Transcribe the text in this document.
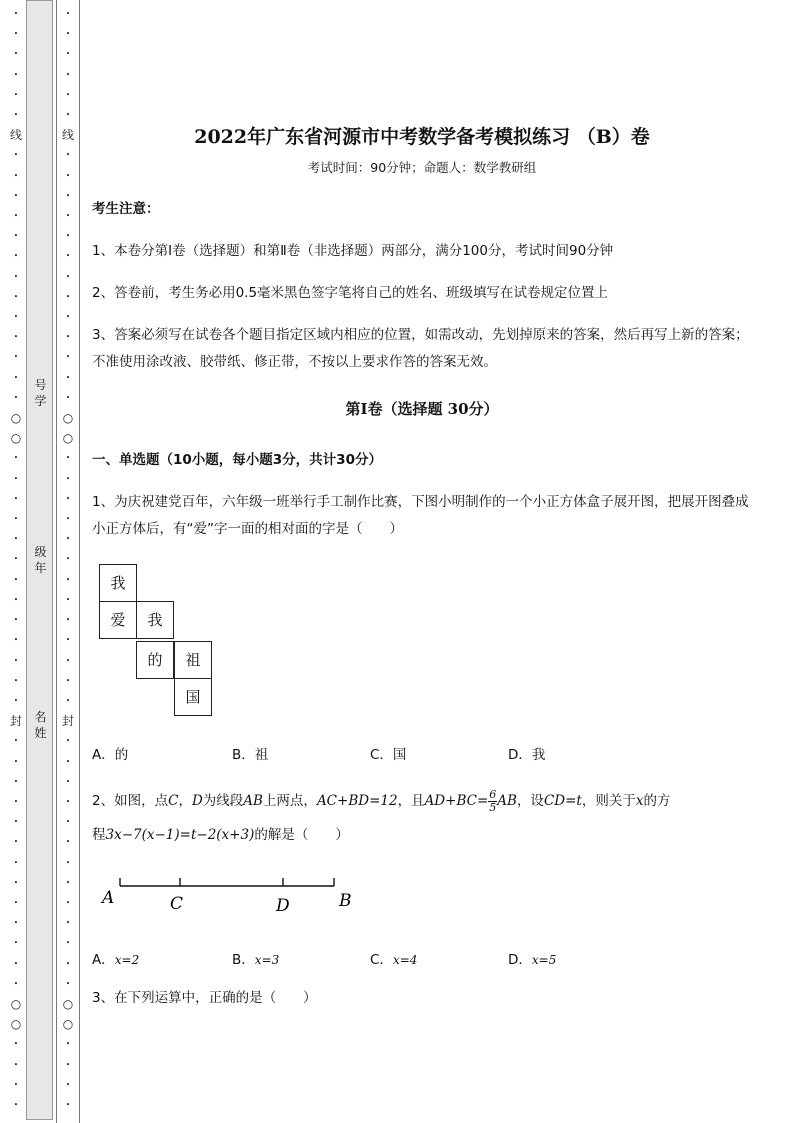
•
•
•
•
•
•
线
•
•
•
•
•
•
•
•
•
•
•
•
•
○
○
•
•
•
•
•
•
•
•
•
•
•
•
•
封
•
•
•
•
•
•
•
•
•
•
•
•
•
○
○
•
•
•
•
号
学
级
年
名
姓
•
•
•
•
•
•
线
•
•
•
•
•
•
•
•
•
•
•
•
•
○
○
•
•
•
•
•
•
•
•
•
•
•
•
•
封
•
•
•
•
•
•
•
•
•
•
•
•
•
○
○
•
•
•
•
2022年广东省河源市中考数学备考模拟练习 （B）卷
考试时间：90分钟；命题人：数学教研组
考生注意：
1、本卷分第Ⅰ卷（选择题）和第Ⅱ卷（非选择题）两部分，满分100分，考试时间90分钟
2、答卷前，考生务必用0.5毫米黑色签字笔将自己的姓名、班级填写在试卷规定位置上
3、答案必须写在试卷各个题目指定区域内相应的位置，如需改动，先划掉原来的答案，然后再写上新的答案；不准使用涂改液、胶带纸、修正带，不按以上要求作答的答案无效。
第Ⅰ卷（选择题 30分）
一、单选题（10小题，每小题3分，共计30分）
1、为庆祝建党百年，六年级一班举行手工制作比赛，下图小明制作的一个小正方体盒子展开图，把展开图叠成小正方体后，有“爱”字一面的相对面的字是（　　）
我
爱	我
的	祖
国
A．的	B．祖	C．国	D．我
2、如图，点C，D为线段AB上两点，AC+BD=12，且$AD+BC= \frac{6}{5}$ AB，设CD=t，则关于x的方
程3x−7(x−1)=t−2(x+3)的解是（　　）
A	C	D	B
A．x=2	B．x=3	C．x=4	D．x=5
3、在下列运算中，正确的是（　　）
